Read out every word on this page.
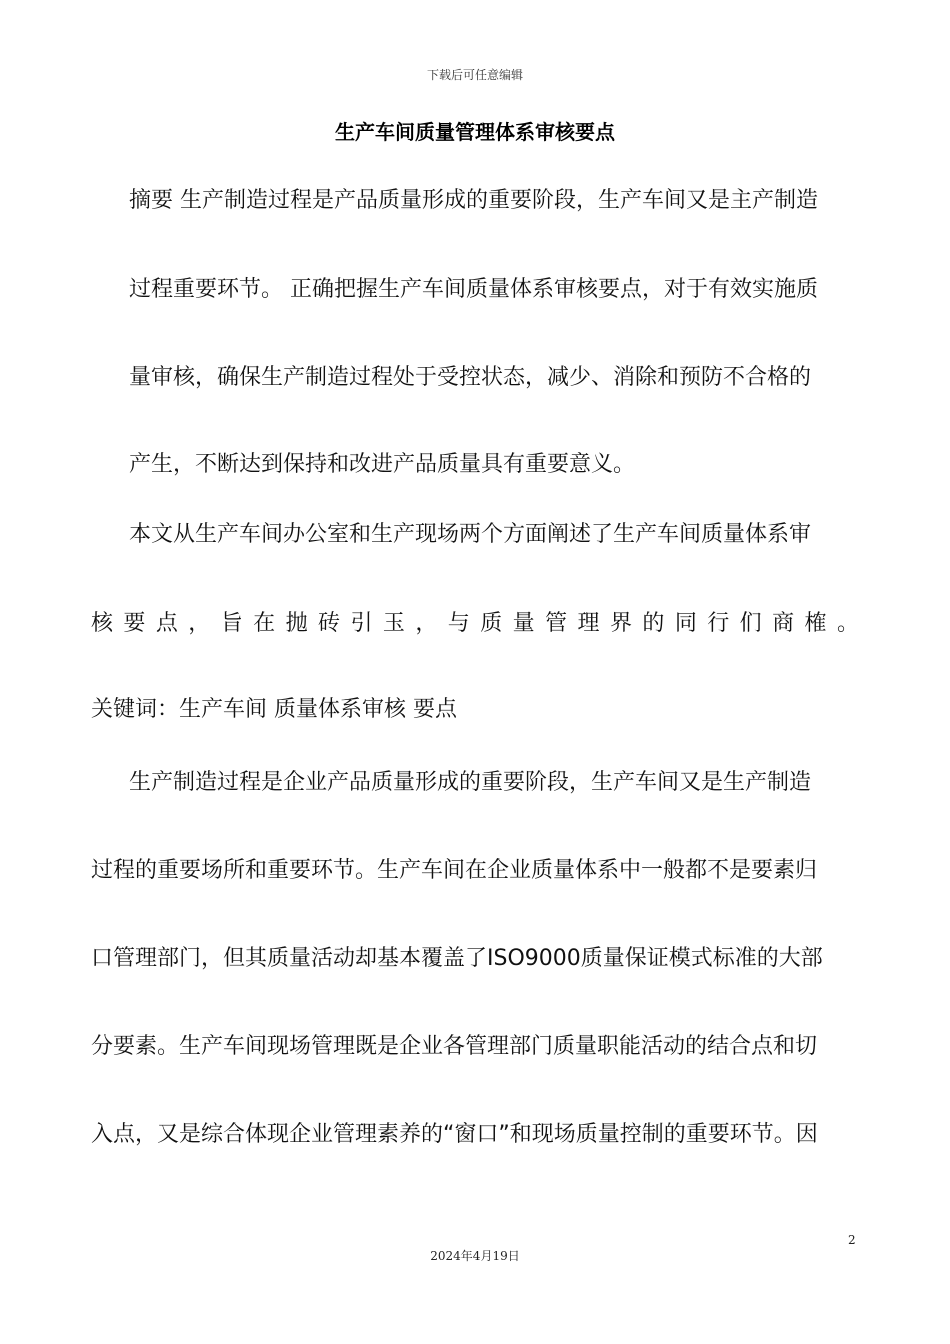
下载后可任意编辑
生产车间质量管理体系审核要点
摘要 生产制造过程是产品质量形成的重要阶段，生产车间又是主产制造
过程重要环节。 正确把握生产车间质量体系审核要点，对于有效实施质
量审核，确保生产制造过程处于受控状态，减少、消除和预防不合格的
产生，不断达到保持和改进产品质量具有重要意义。
本文从生产车间办公室和生产现场两个方面阐述了生产车间质量体系审
核要点，旨在抛砖引玉，与质量管理界的同行们商榷。
关键词：生产车间 质量体系审核 要点
生产制造过程是企业产品质量形成的重要阶段，生产车间又是生产制造
过程的重要场所和重要环节。生产车间在企业质量体系中一般都不是要素归
口管理部门，但其质量活动却基本覆盖了ISO9000质量保证模式标准的大部
分要素。生产车间现场管理既是企业各管理部门质量职能活动的结合点和切
入点，又是综合体现企业管理素养的“窗口”和现场质量控制的重要环节。因
2
2024年4月19日
